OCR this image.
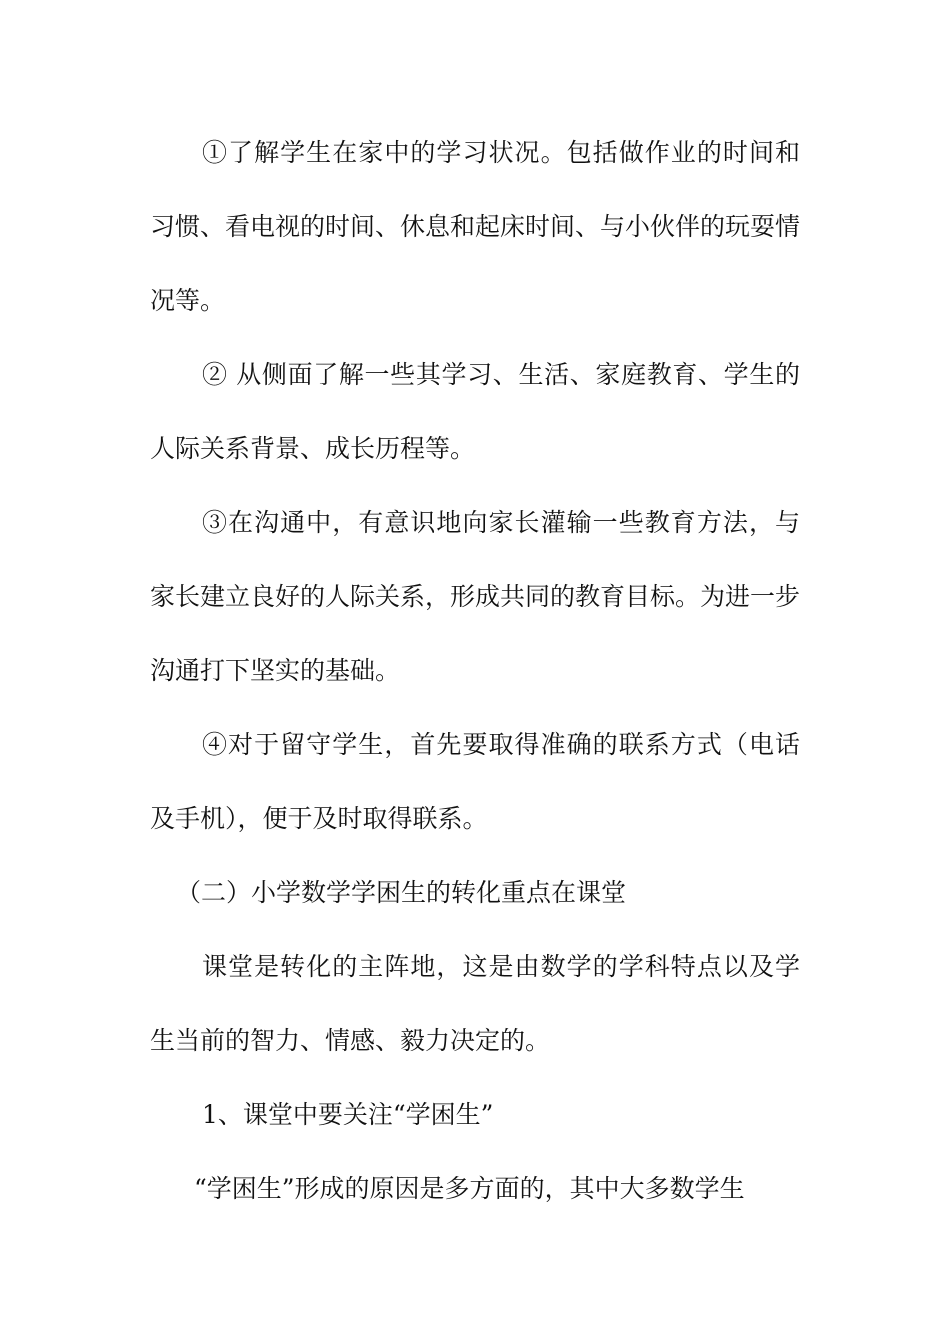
①了解学生在家中的学习状况。包括做作业的时间和习惯、看电视的时间、休息和起床时间、与小伙伴的玩耍情况等。

② 从侧面了解一些其学习、生活、家庭教育、学生的人际关系背景、成长历程等。

③在沟通中，有意识地向家长灌输一些教育方法，与家长建立良好的人际关系，形成共同的教育目标。为进一步沟通打下坚实的基础。

④对于留守学生，首先要取得准确的联系方式（电话及手机），便于及时取得联系。

（二）小学数学学困生的转化重点在课堂

课堂是转化的主阵地，这是由数学的学科特点以及学生当前的智力、情感、毅力决定的。

1、课堂中要关注“学困生”

“学困生”形成的原因是多方面的，其中大多数学生
